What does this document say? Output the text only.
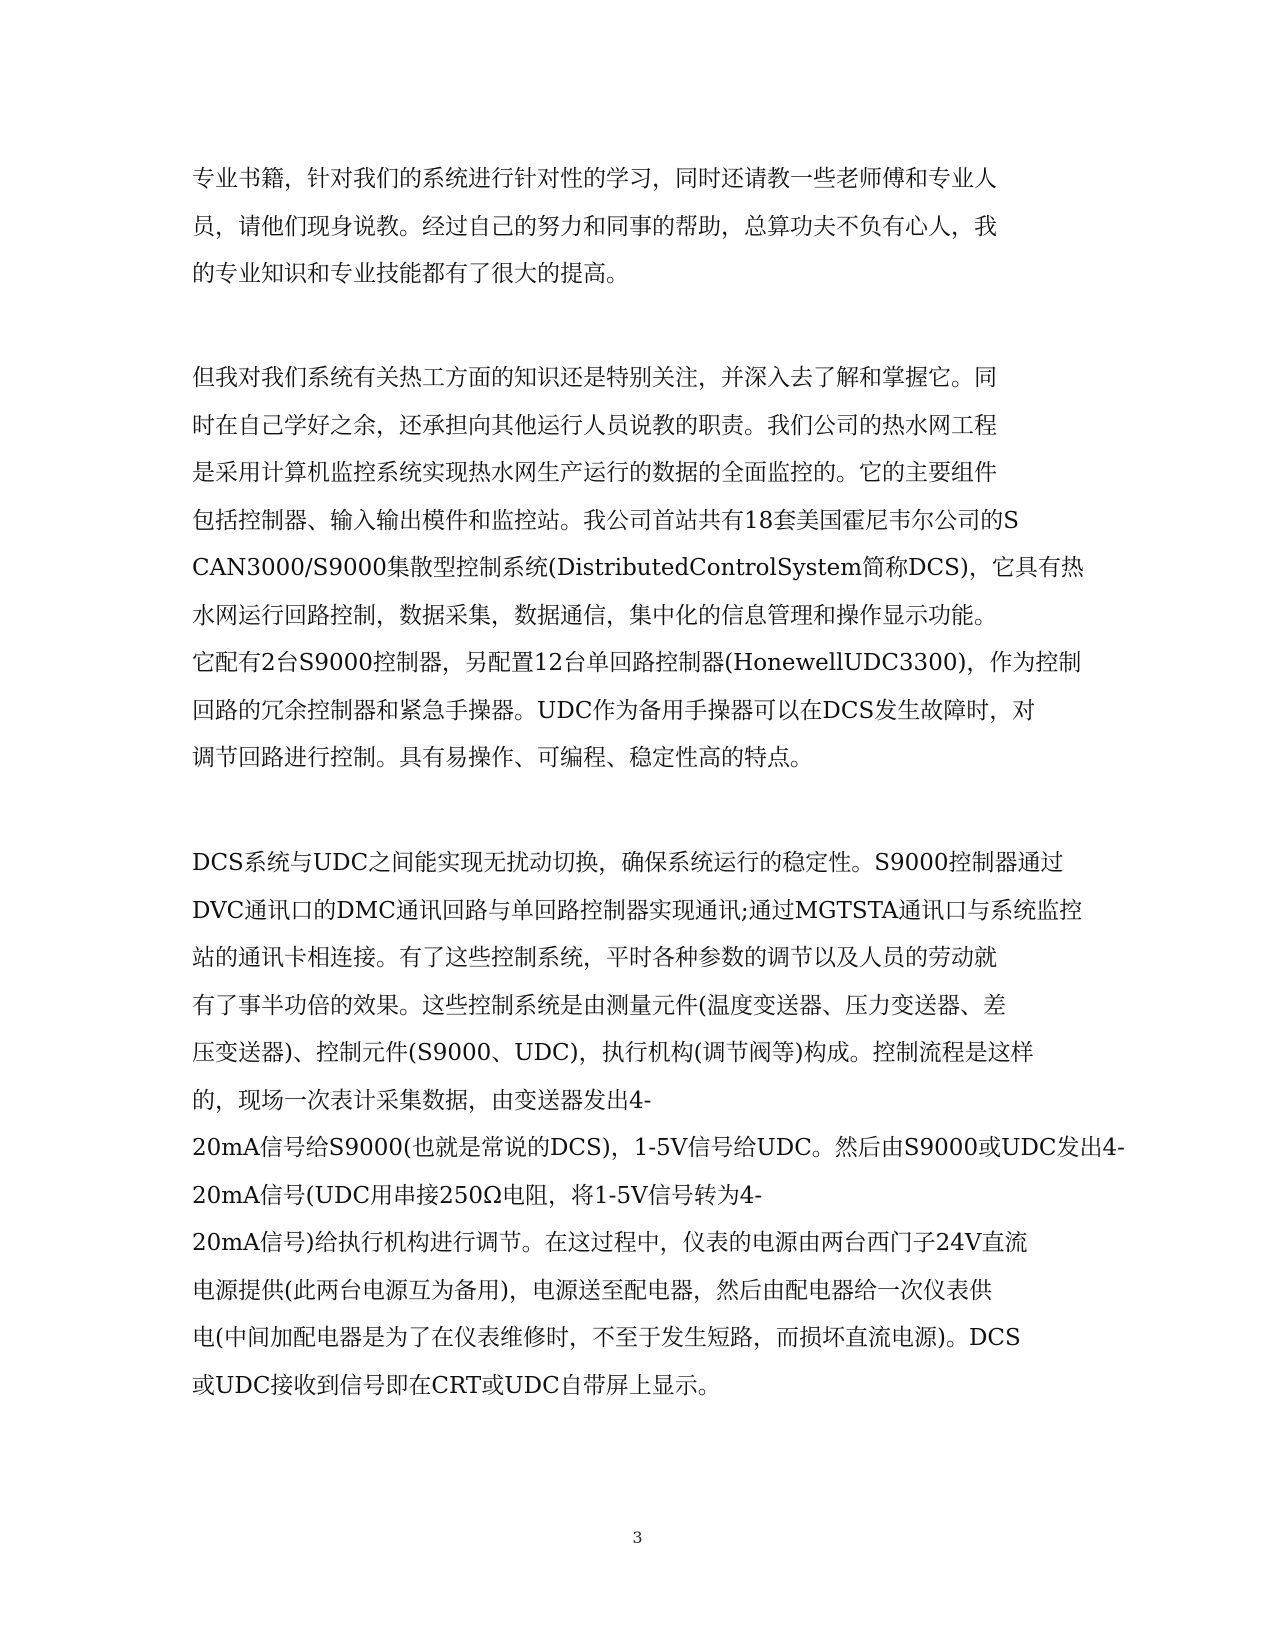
专业书籍，针对我们的系统进行针对性的学习，同时还请教一些老师傅和专业人
员，请他们现身说教。经过自己的努力和同事的帮助，总算功夫不负有心人，我
的专业知识和专业技能都有了很大的提高。
但我对我们系统有关热工方面的知识还是特别关注，并深入去了解和掌握它。同
时在自己学好之余，还承担向其他运行人员说教的职责。我们公司的热水网工程
是采用计算机监控系统实现热水网生产运行的数据的全面监控的。它的主要组件
包括控制器、输入输出模件和监控站。我公司首站共有18套美国霍尼韦尔公司的S
CAN3000/S9000集散型控制系统(DistributedControlSystem简称DCS)，它具有热
水网运行回路控制，数据采集，数据通信，集中化的信息管理和操作显示功能。
它配有2台S9000控制器，另配置12台单回路控制器(HonewellUDC3300)，作为控制
回路的冗余控制器和紧急手操器。UDC作为备用手操器可以在DCS发生故障时，对
调节回路进行控制。具有易操作、可编程、稳定性高的特点。
DCS系统与UDC之间能实现无扰动切换，确保系统运行的稳定性。S9000控制器通过
DVC通讯口的DMC通讯回路与单回路控制器实现通讯;通过MGTSTA通讯口与系统监控
站的通讯卡相连接。有了这些控制系统，平时各种参数的调节以及人员的劳动就
有了事半功倍的效果。这些控制系统是由测量元件(温度变送器、压力变送器、差
压变送器)、控制元件(S9000、UDC)，执行机构(调节阀等)构成。控制流程是这样
的，现场一次表计采集数据，由变送器发出4-
20mA信号给S9000(也就是常说的DCS)，1-5V信号给UDC。然后由S9000或UDC发出4-
20mA信号(UDC用串接250Ω电阻，将1-5V信号转为4-
20mA信号)给执行机构进行调节。在这过程中，仪表的电源由两台西门子24V直流
电源提供(此两台电源互为备用)，电源送至配电器，然后由配电器给一次仪表供
电(中间加配电器是为了在仪表维修时，不至于发生短路，而损坏直流电源)。DCS
或UDC接收到信号即在CRT或UDC自带屏上显示。
3
